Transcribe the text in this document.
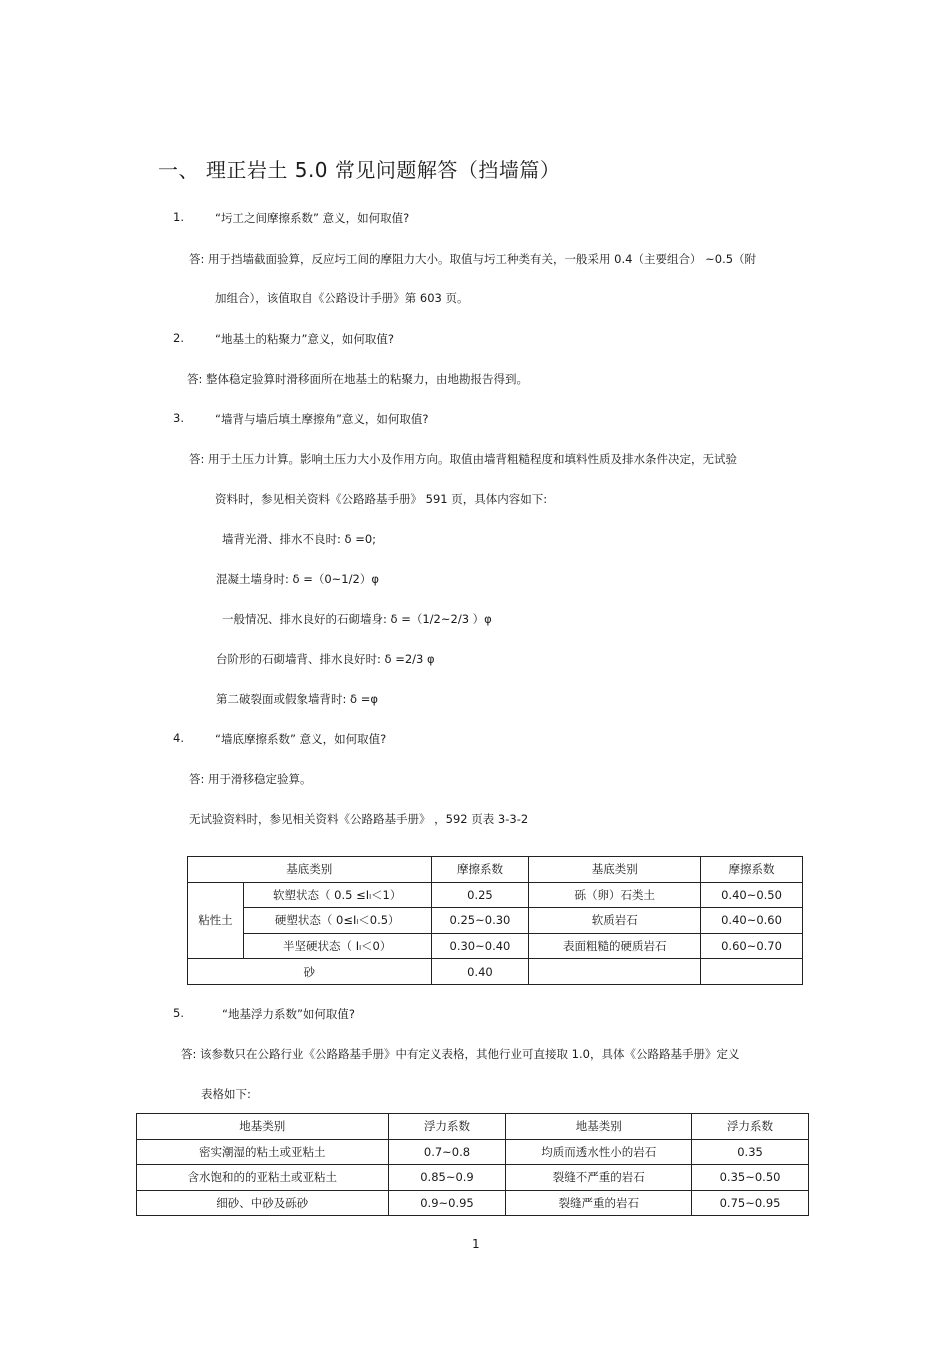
一、 理正岩土 5.0 常见问题解答（挡墙篇）
1.	“圬工之间摩擦系数” 意义，如何取值?
答: 用于挡墙截面验算，反应圬工间的摩阻力大小。取值与圬工种类有关，一般采用 0.4（主要组合） ~0.5（附
加组合），该值取自《公路设计手册》第 603 页。
2.	“地基土的粘聚力”意义，如何取值?
答: 整体稳定验算时滑移面所在地基土的粘聚力，由地勘报告得到。
3.	“墙背与墙后填土摩擦角”意义，如何取值?
答: 用于土压力计算。影响土压力大小及作用方向。取值由墙背粗糙程度和填料性质及排水条件决定，无试验
资料时，参见相关资料《公路路基手册》 591 页，具体内容如下:
墙背光滑、排水不良时: δ =0;
混凝土墙身时: δ =（0~1/2）φ
一般情况、排水良好的石砌墙身: δ =（1/2~2/3 ）φ
台阶形的石砌墙背、排水良好时: δ =2/3 φ
第二破裂面或假象墙背时: δ =φ
4.	“墙底摩擦系数” 意义，如何取值?
答: 用于滑移稳定验算。
无试验资料时，参见相关资料《公路路基手册》 ，592 页表 3-3-2
基底类别		摩擦系数	基底类别	摩擦系数
粘性土	软塑状态（ 0.5 ≤Iₗ＜1）	0.25	砾（卵）石类土	0.40~0.50
	硬塑状态（ 0≤Iₗ＜0.5）	0.25~0.30	软质岩石	0.40~0.60
	半坚硬状态（ Iₗ＜0）	0.30~0.40	表面粗糙的硬质岩石	0.60~0.70
砂		0.40		
5.	“地基浮力系数”如何取值?
答: 该参数只在公路行业《公路路基手册》中有定义表格，其他行业可直接取 1.0，具体《公路路基手册》定义
表格如下:
地基类别	浮力系数	地基类别	浮力系数
密实潮湿的粘土或亚粘土	0.7~0.8	均质而透水性小的岩石	0.35
含水饱和的的亚粘土或亚粘土	0.85~0.9	裂缝不严重的岩石	0.35~0.50
细砂、中砂及砾砂	0.9~0.95	裂缝严重的岩石	0.75~0.95
1
